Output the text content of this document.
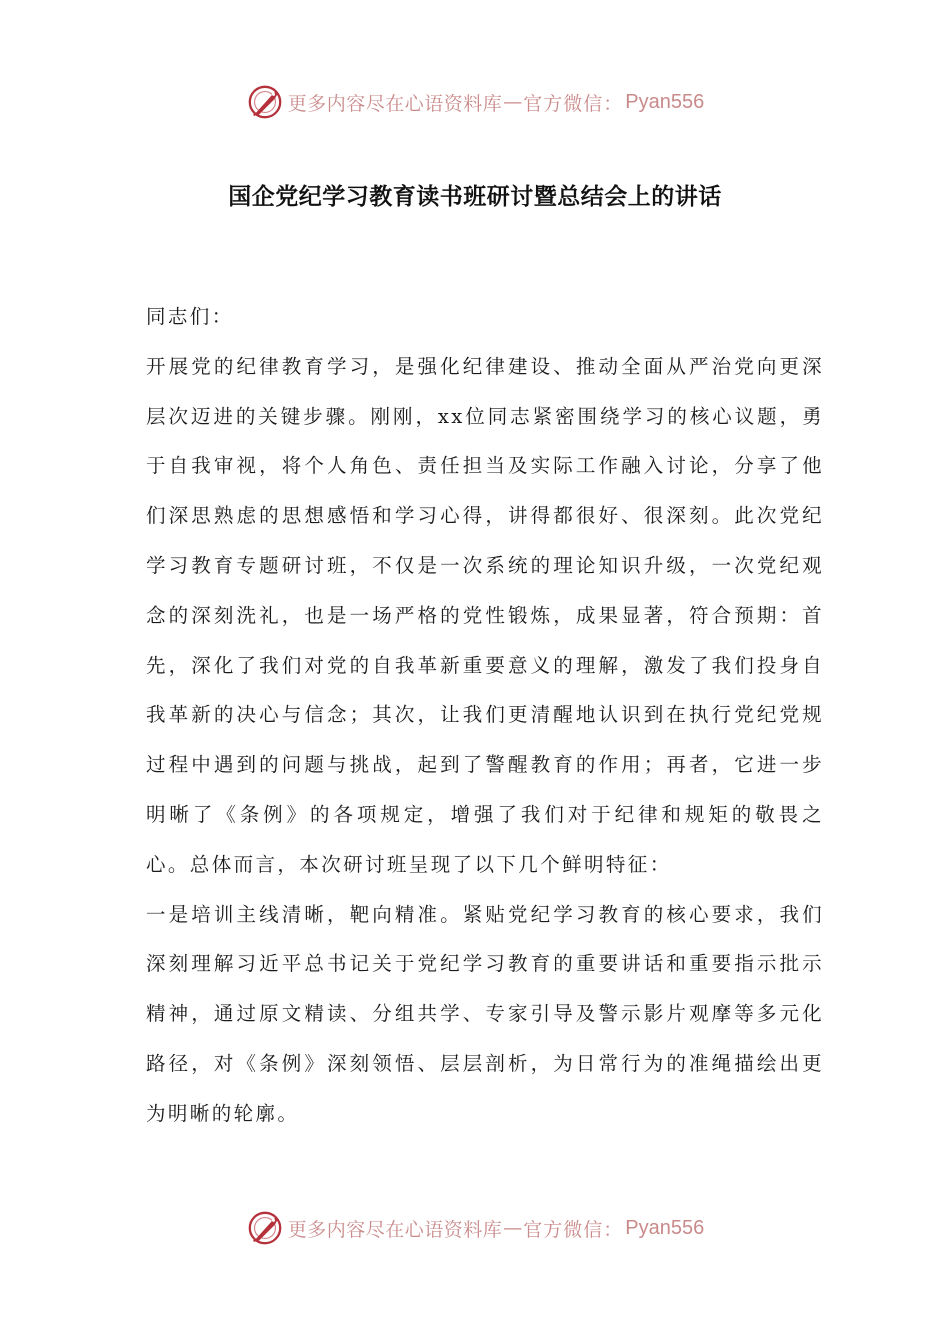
更多内容尽在心语资料库 — 官方微信： Pyan556
国企党纪学习教育读书班研讨暨总结会上的讲话

同志们：

开展党的纪律教育学习，是强化纪律建设、推动全面从严治党向更深层次迈进的关键步骤。刚刚，xx位同志紧密围绕学习的核心议题，勇于自我审视，将个人角色、责任担当及实际工作融入讨论，分享了他们深思熟虑的思想感悟和学习心得，讲得都很好、很深刻。此次党纪学习教育专题研讨班，不仅是一次系统的理论知识升级，一次党纪观念的深刻洗礼，也是一场严格的党性锻炼，成果显著，符合预期：首先，深化了我们对党的自我革新重要意义的理解，激发了我们投身自我革新的决心与信念；其次，让我们更清醒地认识到在执行党纪党规过程中遇到的问题与挑战，起到了警醒教育的作用；再者，它进一步明晰了《条例》的各项规定，增强了我们对于纪律和规矩的敬畏之心。总体而言，本次研讨班呈现了以下几个鲜明特征：

一是培训主线清晰，靶向精准。紧贴党纪学习教育的核心要求，我们深刻理解习近平总书记关于党纪学习教育的重要讲话和重要指示批示精神，通过原文精读、分组共学、专家引导及警示影片观摩等多元化路径，对《条例》深刻领悟、层层剖析，为日常行为的准绳描绘出更为明晰的轮廓。

更多内容尽在心语资料库 — 官方微信： Pyan556
